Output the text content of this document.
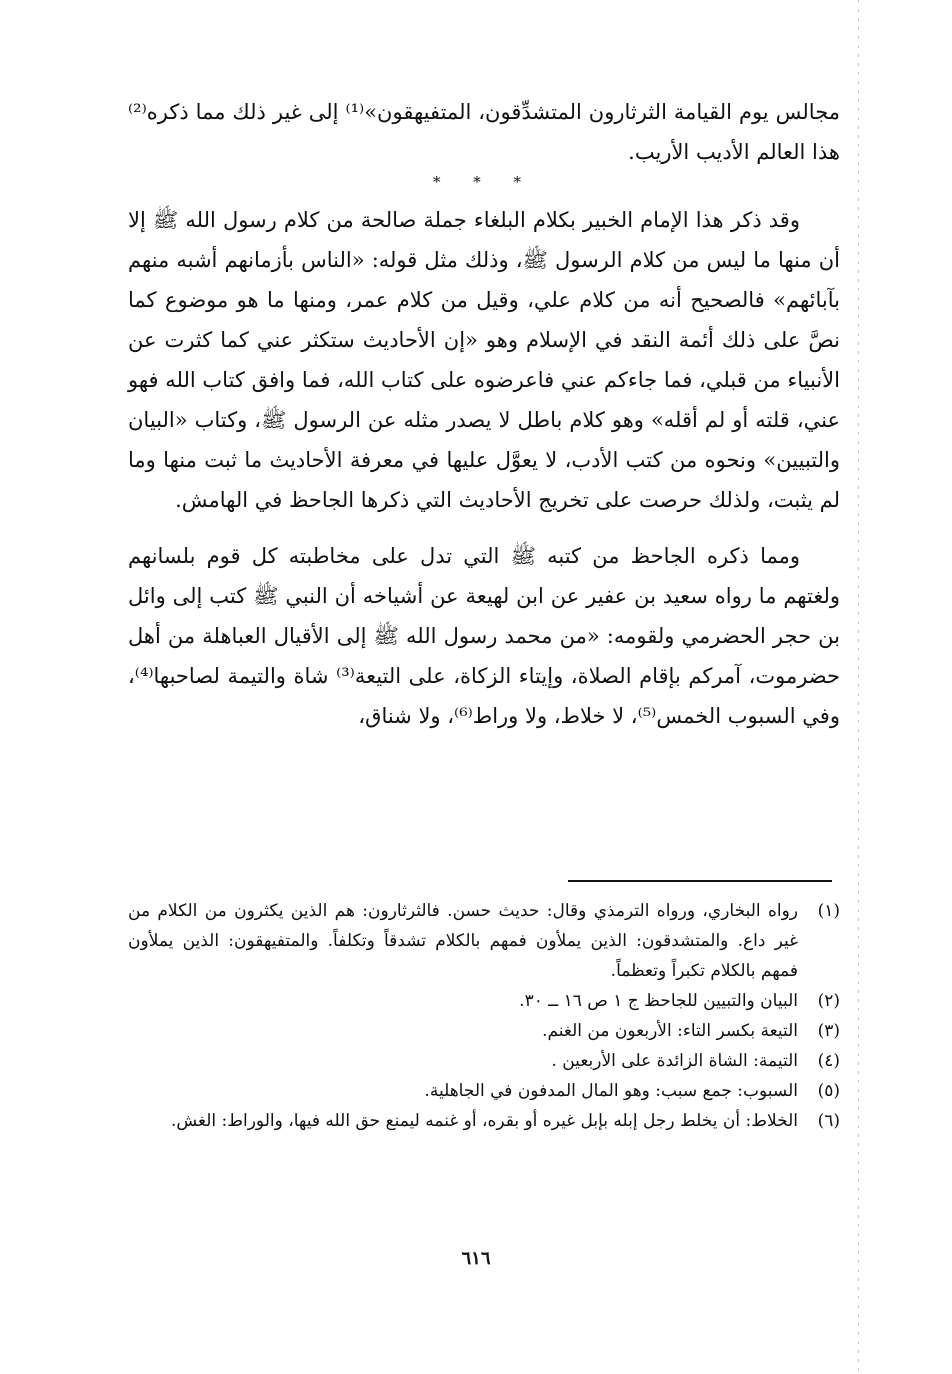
مجالس يوم القيامة الثرثارون المتشدِّقون، المتفيهقون»⁽¹⁾ إلى غير ذلك مما ذكره⁽²⁾ هذا العالم الأديب الأريب.

* * *

وقد ذكر هذا الإمام الخبير بكلام البلغاء جملة صالحة من كلام رسول الله ﷺ إلا أن منها ما ليس من كلام الرسول ﷺ، وذلك مثل قوله: «الناس بأزمانهم أشبه منهم بآبائهم» فالصحيح أنه من كلام علي، وقيل من كلام عمر، ومنها ما هو موضوع كما نصَّ على ذلك أئمة النقد في الإسلام وهو «إن الأحاديث ستكثر عني كما كثرت عن الأنبياء من قبلي، فما جاءكم عني فاعرضوه على كتاب الله، فما وافق كتاب الله فهو عني، قلته أو لم أقله» وهو كلام باطل لا يصدر مثله عن الرسول ﷺ، وكتاب «البيان والتبيين» ونحوه من كتب الأدب، لا يعوَّل عليها في معرفة الأحاديث ما ثبت منها وما لم يثبت، ولذلك حرصت على تخريج الأحاديث التي ذكرها الجاحظ في الهامش.

ومما ذكره الجاحظ من كتبه ﷺ التي تدل على مخاطبته كل قوم بلسانهم ولغتهم ما رواه سعيد بن عفير عن ابن لهيعة عن أشياخه أن النبي ﷺ كتب إلى وائل بن حجر الحضرمي ولقومه: «من محمد رسول الله ﷺ إلى الأقيال العباهلة من أهل حضرموت، آمركم بإقام الصلاة، وإيتاء الزكاة، على التيعة⁽³⁾ شاة والتيمة لصاحبها⁽⁴⁾، وفي السبوب الخمس⁽⁵⁾، لا خلاط، ولا وراط⁽⁶⁾، ولا شناق،

(١)
رواه البخاري، ورواه الترمذي وقال: حديث حسن. فالثرثارون: هم الذين يكثرون من الكلام من غير داع. والمتشدقون: الذين يملأون فمهم بالكلام تشدقاً وتكلفاً. والمتفيهقون: الذين يملأون فمهم بالكلام تكبراً وتعظماً.
(٢)
البيان والتبيين للجاحظ ج ١ ص ١٦ ــ ٣٠.
(٣)
التيعة بكسر التاء: الأربعون من الغنم.
(٤)
التيمة: الشاة الزائدة على الأربعين .
(٥)
السبوب: جمع سبب: وهو المال المدفون في الجاهلية.
(٦)
الخلاط: أن يخلط رجل إبله بإبل غيره أو بقره، أو غنمه ليمنع حق الله فيها، والوراط: الغش.
٦١٦
